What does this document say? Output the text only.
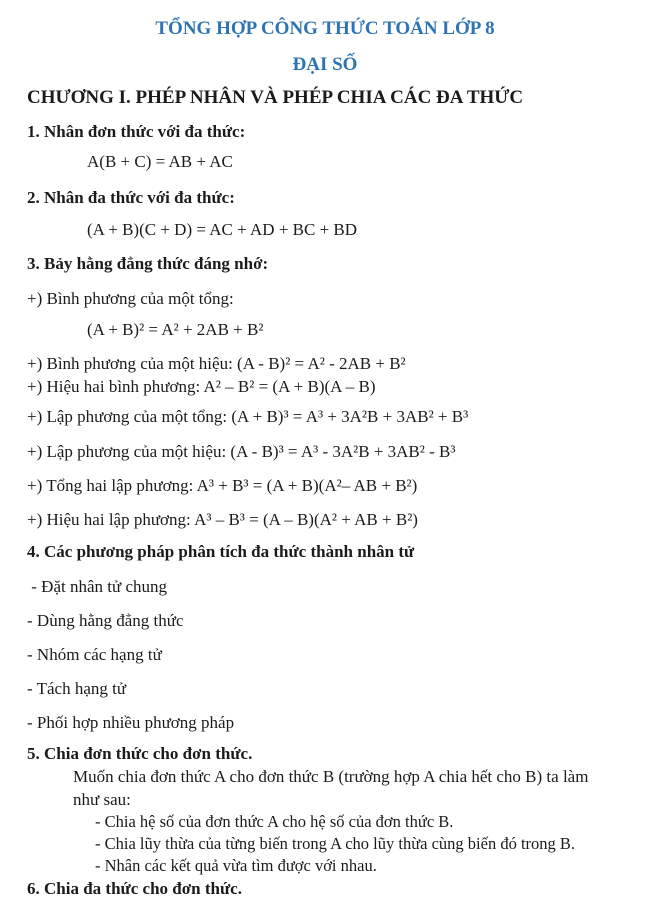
TỔNG HỢP CÔNG THỨC TOÁN LỚP 8
ĐẠI SỐ
CHƯƠNG I. PHÉP NHÂN VÀ PHÉP CHIA CÁC ĐA THỨC
1. Nhân đơn thức với đa thức:
A(B + C) = AB + AC
2. Nhân đa thức với đa thức:
(A + B)(C + D) = AC + AD + BC + BD
3. Bảy hằng đẳng thức đáng nhớ:
+) Bình phương của một tổng:
(A + B)² = A² + 2AB + B²
+) Bình phương của một hiệu: (A - B)² = A² - 2AB + B²
+) Hiệu hai bình phương: A² – B² = (A + B)(A – B)
+) Lập phương của một tổng: (A + B)³ = A³ + 3A²B + 3AB² + B³
+) Lập phương của một hiệu: (A - B)³ = A³ - 3A²B + 3AB² - B³
+) Tổng hai lập phương: A³ + B³ = (A + B)(A²– AB + B²)
+) Hiệu hai lập phương: A³ – B³ = (A – B)(A² + AB + B²)
4. Các phương pháp phân tích đa thức thành nhân tử
- Đặt nhân tử chung
- Dùng hằng đẳng thức
- Nhóm các hạng tử
- Tách hạng tử
- Phối hợp nhiều phương pháp
5. Chia đơn thức cho đơn thức.
Muốn chia đơn thức A cho đơn thức B (trường hợp A chia hết cho B) ta làm
như sau:
- Chia hệ số của đơn thức A cho hệ số của đơn thức B.
- Chia lũy thừa của từng biến trong A cho lũy thừa cùng biến đó trong B.
- Nhân các kết quả vừa tìm được với nhau.
6. Chia đa thức cho đơn thức.
